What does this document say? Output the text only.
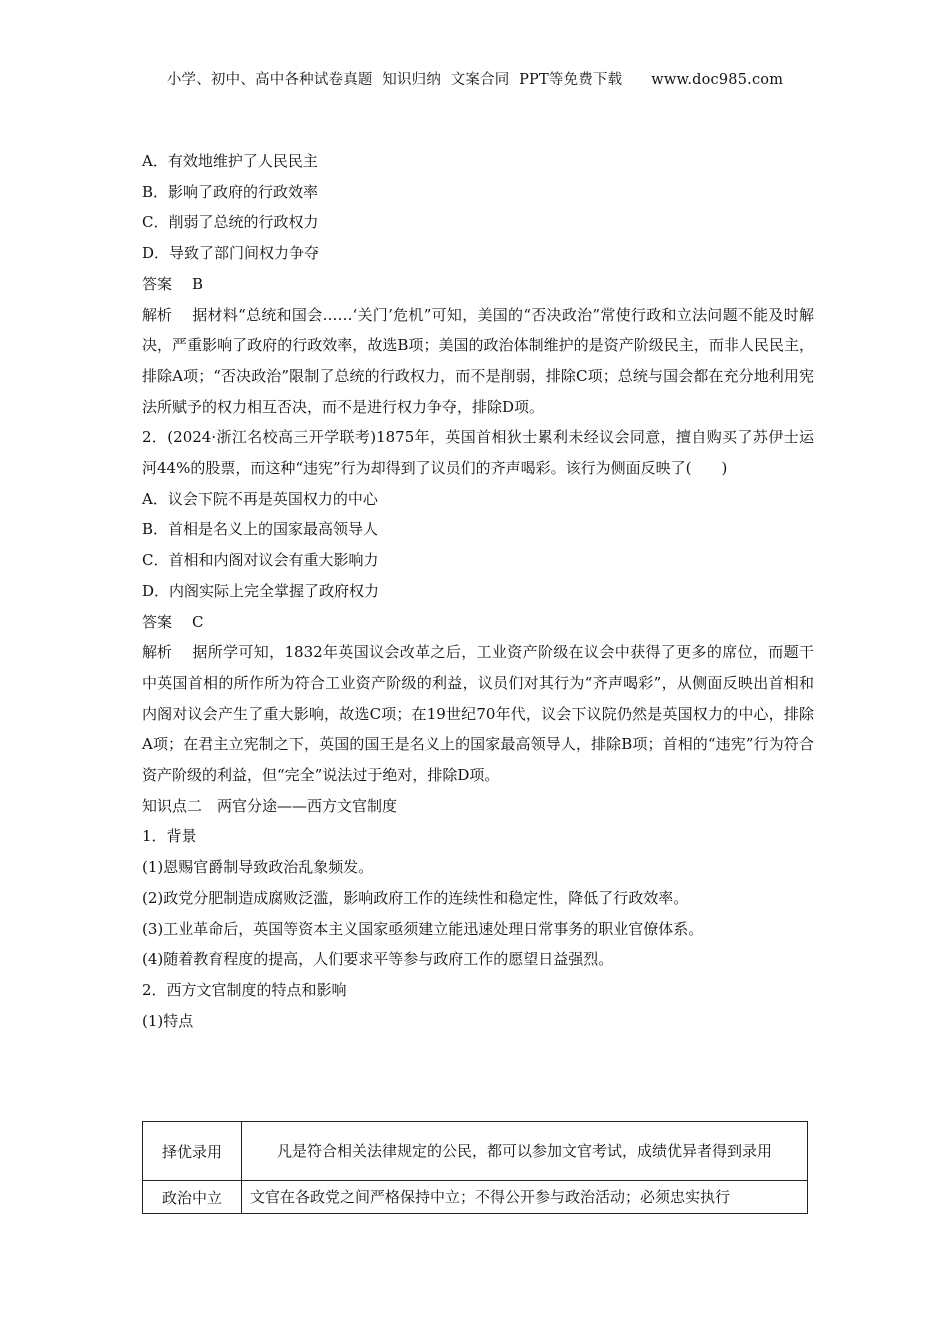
小学、初中、高中各种试卷真题  知识归纳  文案合同  PPT等免费下载      www.doc985.com
A．有效地维护了人民民主
B．影响了政府的行政效率
C．削弱了总统的行政权力
D．导致了部门间权力争夺
答案 B
解析 据材料“总统和国会……‘关门’危机”可知，美国的“否决政治”常使行政和立法问题不能及时解决，严重影响了政府的行政效率，故选B项；美国的政治体制维护的是资产阶级民主，而非人民民主，排除A项；“否决政治”限制了总统的行政权力，而不是削弱，排除C项；总统与国会都在充分地利用宪法所赋予的权力相互否决，而不是进行权力争夺，排除D项。
2．(2024·浙江名校高三开学联考)1875年，英国首相狄士累利未经议会同意，擅自购买了苏伊士运河44%的股票，而这种“违宪”行为却得到了议员们的齐声喝彩。该行为侧面反映了(　　)
A．议会下院不再是英国权力的中心
B．首相是名义上的国家最高领导人
C．首相和内阁对议会有重大影响力
D．内阁实际上完全掌握了政府权力
答案 C
解析 据所学可知，1832年英国议会改革之后，工业资产阶级在议会中获得了更多的席位，而题干中英国首相的所作所为符合工业资产阶级的利益，议员们对其行为“齐声喝彩”，从侧面反映出首相和内阁对议会产生了重大影响，故选C项；在19世纪70年代，议会下议院仍然是英国权力的中心，排除A项；在君主立宪制之下，英国的国王是名义上的国家最高领导人，排除B项；首相的“违宪”行为符合资产阶级的利益，但“完全”说法过于绝对，排除D项。
知识点二　两官分途——西方文官制度
1．背景
(1)恩赐官爵制导致政治乱象频发。
(2)政党分肥制造成腐败泛滥，影响政府工作的连续性和稳定性，降低了行政效率。
(3)工业革命后，英国等资本主义国家亟须建立能迅速处理日常事务的职业官僚体系。
(4)随着教育程度的提高，人们要求平等参与政府工作的愿望日益强烈。
2．西方文官制度的特点和影响
(1)特点
择优录用	凡是符合相关法律规定的公民，都可以参加文官考试，成绩优异者得到录用
政治中立	文官在各政党之间严格保持中立；不得公开参与政治活动；必须忠实执行
